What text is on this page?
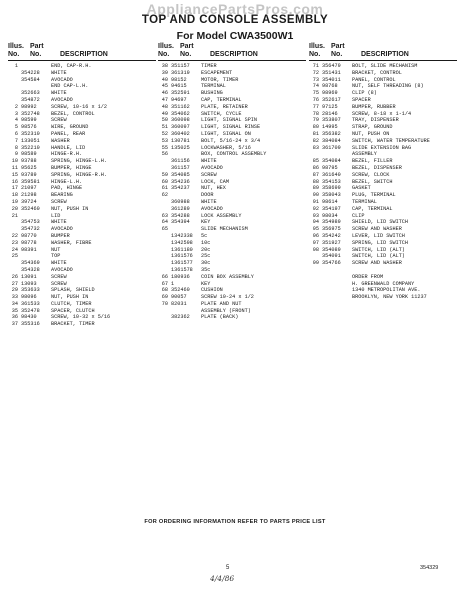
AppliancePartsPros.com
TOP AND CONSOLE ASSEMBLY
For Model CWA3500W1
Illus.
No.
Part
No.	DESCRIPTION
1	END, CAP-R.H.
354228	WHITE
354584	AVOCADO
END CAP-L.H.
352663	WHITE
354872	AVOCADO
2 98992	SCREW, 10-16 x 1/2
3 352748	BEZEL, CONTROL
4 98599	SCREW
5 98576	WIRE, GROUND
6 352310	PANEL, REAR
7 133051	WASHER
8 352210	HANDLE, LID
9 98589	HINGE-R.H.
10 93788	SPRING, HINGE-L.H.
11 95625	BUMPER, HINGE
15 93789	SPRING, HINGE-R.H.
16 359581	HINGE-L.H.
17 21097	PAD, HINGE
18 21298	BEARING
19 39724	SCREW
20 352460	NUT, PUSH IN
21	LID
354753	WHITE
354732	AVOCADO
22 98770	BUMPER
23 98778	WASHER, FIBRE
24 98391	NUT
25	TOP
354369	WHITE
354328	AVOCADO
26 13091	SCREW
27 13093	SCREW
29 353633	SPLASH, SHIELD
33 98096	NUT, PUSH IN
34 361533	CLUTCH, TIMER
35 352478	SPACER, CLUTCH
36 98430	SCREW, 10-32 x 5/16
37 355316	BRACKET, TIMER
Illus.
No.
Part
No.	DESCRIPTION
38 351157	TIMER
39 361319	ESCAPEMENT
40 98152	MOTOR, TIMER
45 94615	TERMINAL
46 352591	BUSHING
47 94697	CAP, TERMINAL
48 351162	PLATE, RETAINER
49 354062	SWITCH, CYCLE
50 360098	LIGHT, SIGNAL SPIN
51 360097	LIGHT, SIGNAL RINSE
52 360402	LIGHT, SIGNAL ON
53 130781	BOLT, 5/16-24 x 3/4
55 135025	LOCKWASHER, 5/16
56	BOX, CONTROL ASSEMBLY
361156	WHITE
361157	AVOCADO
59 354085	SCREW
60 354236	LOCK, CAM
61 354237	NUT, HEX
62	DOOR
360988	WHITE
361289	AVOCADO
63 354288	LOCK ASSEMBLY
64 354394	KEY
65	SLIDE MECHANISM
1342338	5c
1342598	10c
1361180	20c
1361576	25c
1361577	30c
1361578	35c
66 180936	COIN BOX ASSEMBLY
67 1	KEY
68 352460	CUSHION
69 90057	SCREW 10-24 x 1/2
70 82031	PLATE AND NUT
ASSEMBLY (FRONT)
382362	PLATE (BACK)
Illus.
No.
Part
No.	DESCRIPTION
71 356479	BOLT, SLIDE MECHANISM
72 351431	BRACKET, CONTROL
73 354011	PANEL, CONTROL
74 98768	NUT, SELF THREADING (8)
75 98969	CLIP (8)
76 352617	SPACER
77 97125	BUMPER, RUBBER
78 28146	SCREW, 8-18 x 1-1/4
79 353807	TRAY, DISPENSER
80 14995	STRAP, GROUND
81 356382	NUT, PUSH ON
82 384084	SWITCH, WATER TEMPERATURE
83 361709	SLIDE EXTENSION BAG
ASSEMBLY
85 354084	BEZEL, FILLER
86 98795	BEZEL, DISPENSER
87 361640	SCREW, CLOCK
88 354153	BEZEL, SWITCH
89 358699	GASKET
90 358043	PLUG, TERMINAL
91 98614	TERMINAL
92 354197	CAP, TERMINAL
93 98034	CLIP
94 354989	SHIELD, LID SWITCH
95 356975	SCREW AND WASHER
96 354242	LEVER, LID SWITCH
97 351927	SPRING, LID SWITCH
98 354089	SWITCH, LID (ALT)
354091	SWITCH, LID (ALT)
99 354766	SCREW AND WASHER
ORDER FROM
H. GREENWALD COMPANY
1340 METROPOLITAN AVE.
BROOKLYN, NEW YORK 11237
FOR ORDERING INFORMATION REFER TO PARTS PRICE LIST
5	354329
4/4/86
